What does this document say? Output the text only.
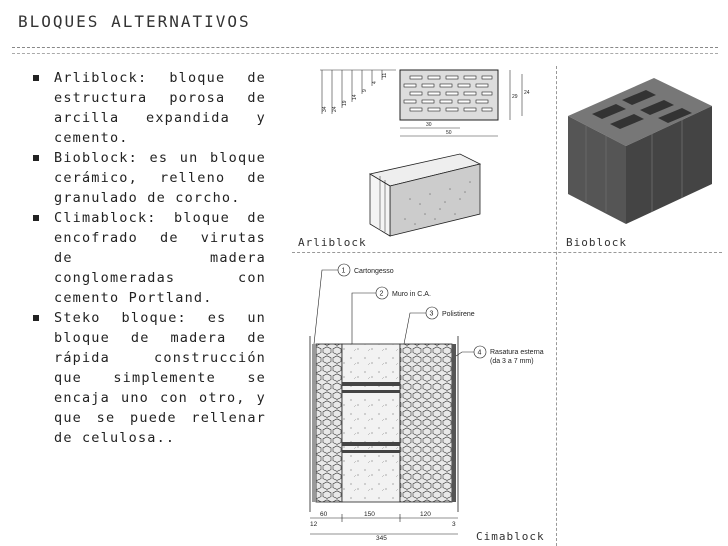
BLOQUES ALTERNATIVOS
Arliblock: bloque de estructura porosa de arcilla expandida y cemento.
Bioblock: es un bloque cerámico, relleno de granulado de corcho.
Climablock: bloque de encofrado de virutas de madera conglomeradas con cemento Portland.
Steko bloque: es un bloque de madera de rápida construcción que simplemente se encaja uno con otro, y que se puede rellenar de celulosa..
34 24
19
14
9
4
11
29
24
30
50
Arliblock	Bioblock
1 Cartongesso
2 Muro in C.A.
3 Polistirene
4 Rasatura esterna
(da 3 a 7 mm)
60	150	120
12	3
345	Cimablock
